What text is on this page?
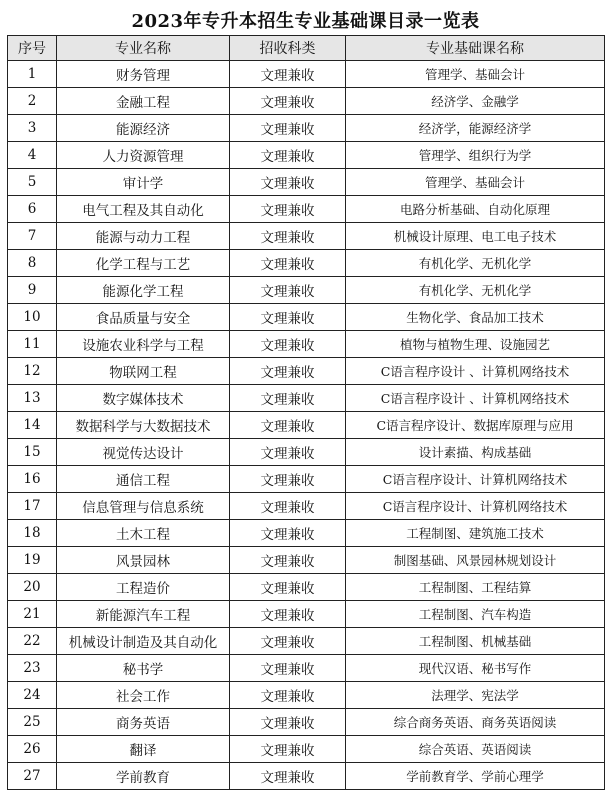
2023年专升本招生专业基础课目录一览表
序号	专业名称	招收科类	专业基础课名称
1	财务管理	文理兼收	管理学、基础会计
2	金融工程	文理兼收	经济学、金融学
3	能源经济	文理兼收	经济学，能源经济学
4	人力资源管理	文理兼收	管理学、组织行为学
5	审计学	文理兼收	管理学、基础会计
6	电气工程及其自动化	文理兼收	电路分析基础、自动化原理
7	能源与动力工程	文理兼收	机械设计原理、电工电子技术
8	化学工程与工艺	文理兼收	有机化学、无机化学
9	能源化学工程	文理兼收	有机化学、无机化学
10	食品质量与安全	文理兼收	生物化学、食品加工技术
11	设施农业科学与工程	文理兼收	植物与植物生理、设施园艺
12	物联网工程	文理兼收	C语言程序设计 、计算机网络技术
13	数字媒体技术	文理兼收	C语言程序设计 、计算机网络技术
14	数据科学与大数据技术	文理兼收	C语言程序设计、数据库原理与应用
15	视觉传达设计	文理兼收	设计素描、构成基础
16	通信工程	文理兼收	C语言程序设计、计算机网络技术
17	信息管理与信息系统	文理兼收	C语言程序设计、计算机网络技术
18	土木工程	文理兼收	工程制图、建筑施工技术
19	风景园林	文理兼收	制图基础、风景园林规划设计
20	工程造价	文理兼收	工程制图、工程结算
21	新能源汽车工程	文理兼收	工程制图、汽车构造
22	机械设计制造及其自动化	文理兼收	工程制图、机械基础
23	秘书学	文理兼收	现代汉语、秘书写作
24	社会工作	文理兼收	法理学、宪法学
25	商务英语	文理兼收	综合商务英语、商务英语阅读
26	翻译	文理兼收	综合英语、英语阅读
27	学前教育	文理兼收	学前教育学、学前心理学
